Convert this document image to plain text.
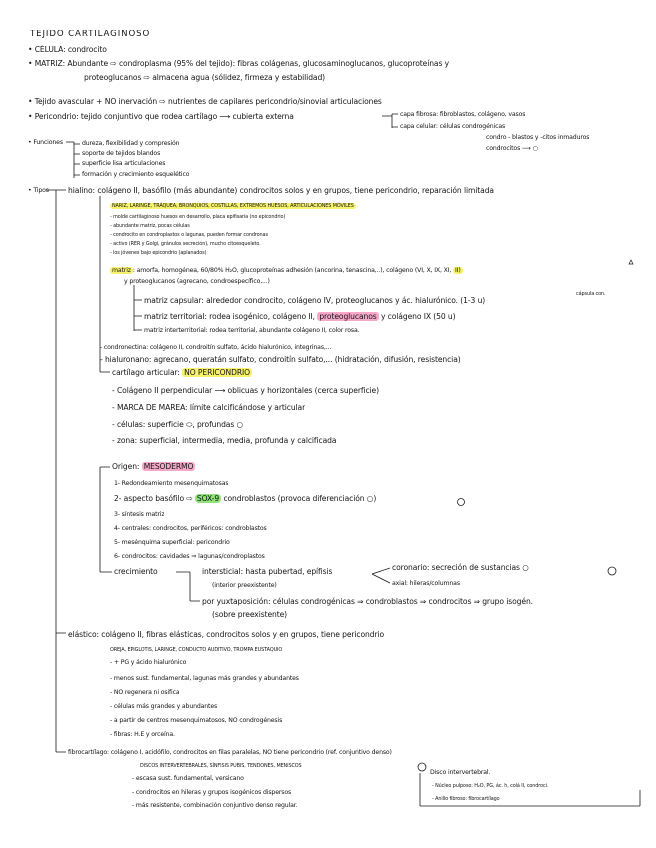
TEJIDO CARTILAGINOSO
• CÉLULA: condrocito
• MATRIZ: Abundante ⇨ condroplasma (95% del tejido): fibras colágenas, glucosaminoglucanos, glucoproteínas y
proteoglucanos ⇨ almacena agua (sólidez, firmeza y estabilidad)
• Tejido avascular + NO inervación ⇨ nutrientes de capilares pericondrio/sinovial articulaciones
• Pericondrio: tejido conjuntivo que rodea cartílago ⟶ cubierta externa	capa fibrosa: fibroblastos, colágeno, vasos
capa celular: células condrogénicas
condro - blastos y -citos inmaduros
condrocitos ⟶ ○
• Funciones	dureza, flexibilidad y compresión
soporte de tejidos blandos
superficie lisa articulaciones
formación y crecimiento esquelético
• Tipos	hialino: colágeno II, basófilo (más abundante) condrocitos solos y en grupos, tiene pericondrio, reparación limitada
NARIZ, LARINGE, TRÁQUEA, BRONQUIOS, COSTILLAS, EXTREMOS HUESOS, ARTICULACIONES MÓVILES
- molde cartilaginoso huesos en desarrollo, placa epifisaria (no epicondrio)
- abundante matriz, pocas células
- condrocito en condroplastos o lagunas, pueden formar condronas
- activo (RER y Golgi, gránulos secreción), mucho citoesqueleto.
- los jóvenes bajo epicondrio (aplanados)
matriz : amorfa, homogénea, 60/80% H₂O, glucoproteínas adhesión (ancorina, tenascina,..), colágeno (VI, X, IX, XI, II)
y proteoglucanos (agrecano, condroespecífico,...)
cápsula con.
matriz capsular: alrededor condrocito, colágeno IV, proteoglucanos y ác. hialurónico. (1-3 u)
matriz territorial: rodea isogénico, colágeno II, proteoglucanos y colágeno IX (50 u)
matriz interterritorial: rodea territorial, abundante colágeno II, color rosa.
- condronectina: colágeno II, condroitín sulfato, ácido hialurónico, integrinas,...
- hialuronano: agrecano, queratán sulfato, condroitín sulfato,... (hidratación, difusión, resistencia)
cartílago articular: NO PERICONDRIO
- Colágeno II perpendicular ⟶ oblicuas y horizontales (cerca superficie)
- MARCA DE MAREA: límite calcificándose y articular
- células: superficie ⬭, profundas ○
- zona: superficial, intermedia, media, profunda y calcificada
Origen: MESODERMO
1- Redondeamiento mesenquimatosas
2- aspecto basófilo ⇨ SOX-9 condroblastos (provoca diferenciación ○)
3- síntesis matriz
4- centrales: condrocitos, periféricos: condroblastos
5- mesénquima superficial: pericondrio
6- condrocitos: cavidades ⇒ lagunas/condroplastos
crecimiento	intersticial: hasta pubertad, epífisis
(interior preexistente)
coronario: secreción de sustancias ○
axial: hileras/columnas
por yuxtaposición: células condrogénicas ⇒ condroblastos ⇒ condrocitos ⇒ grupo isogén.
(sobre preexistente)
elástico: colágeno II, fibras elásticas, condrocitos solos y en grupos, tiene pericondrio
OREJA, EPIGLOTIS, LARINGE, CONDUCTO AUDITIVO, TROMPA EUSTAQUIO
- + PG y ácido hialurónico
- menos sust. fundamental, lagunas más grandes y abundantes
- NO regenera ni osifica
- células más grandes y abundantes
- a partir de centros mesenquimatosos, NO condrogénesis
- fibras: H.E y orceína.
fibrocartílago: colágeno I, acidófilo, condrocitos en filas paralelas, NO tiene pericondrio (ref. conjuntivo denso)
DISCOS INTERVERTEBRALES, SÍNFISIS PUBIS, TENDONES, MENISCOS
- escasa sust. fundamental, versicano
- condrocitos en hileras y grupos isogénicos dispersos
- más resistente, combinación conjuntivo denso regular.
Disco intervertebral.
- Núcleo pulposo: H₂O, PG, ác. h, colá II, condroci.
- Anillo fibroso: fibrocartílago
